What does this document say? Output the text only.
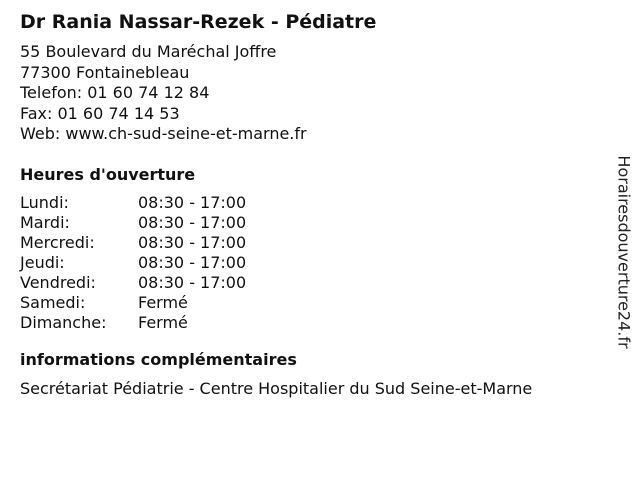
Dr Rania Nassar-Rezek - Pédiatre
55 Boulevard du Maréchal Joffre
77300 Fontainebleau
Telefon: 01 60 74 12 84
Fax: 01 60 74 14 53
Web: www.ch-sud-seine-et-marne.fr
Heures d'ouverture
Lundi:	08:30 - 17:00
Mardi:	08:30 - 17:00
Mercredi:	08:30 - 17:00
Jeudi:	08:30 - 17:00
Vendredi:	08:30 - 17:00
Samedi:	Fermé
Dimanche:	Fermé
informations complémentaires
Secrétariat Pédiatrie - Centre Hospitalier du Sud Seine-et-Marne
Horairesdouverture24.fr
